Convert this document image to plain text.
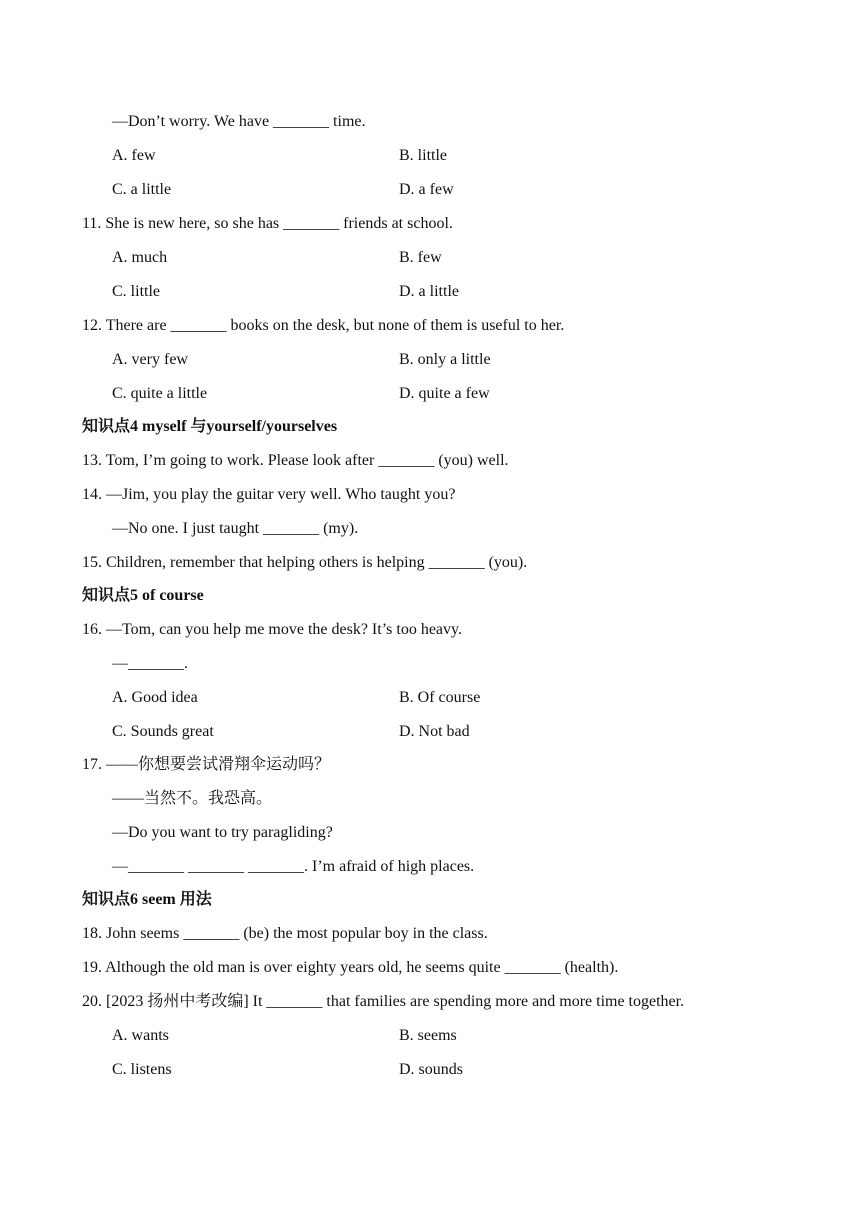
—Don’t worry. We have _______ time.
A. few	B. little
C. a little	D. a few
11. She is new here, so she has _______ friends at school.
A. much	B. few
C. little	D. a little
12. There are _______ books on the desk, but none of them is useful to her.
A. very few	B. only a little
C. quite a little	D. quite a few
知识点4 myself 与yourself/yourselves
13. Tom, I’m going to work. Please look after _______ (you) well.
14. —Jim, you play the guitar very well. Who taught you?
—No one. I just taught _______ (my).
15. Children, remember that helping others is helping _______ (you).
知识点5 of course
16. —Tom, can you help me move the desk? It’s too heavy.
—_______.
A. Good idea	B. Of course
C. Sounds great	D. Not bad
17. ——你想要尝试滑翔伞运动吗？
——当然不。我恐高。
—Do you want to try paragliding?
—_______ _______ _______. I’m afraid of high places.
知识点6 seem 用法
18. John seems _______ (be) the most popular boy in the class.
19. Although the old man is over eighty years old, he seems quite _______ (health).
20. [2023 扬州中考改编] It _______ that families are spending more and more time together.
A. wants	B. seems
C. listens	D. sounds
